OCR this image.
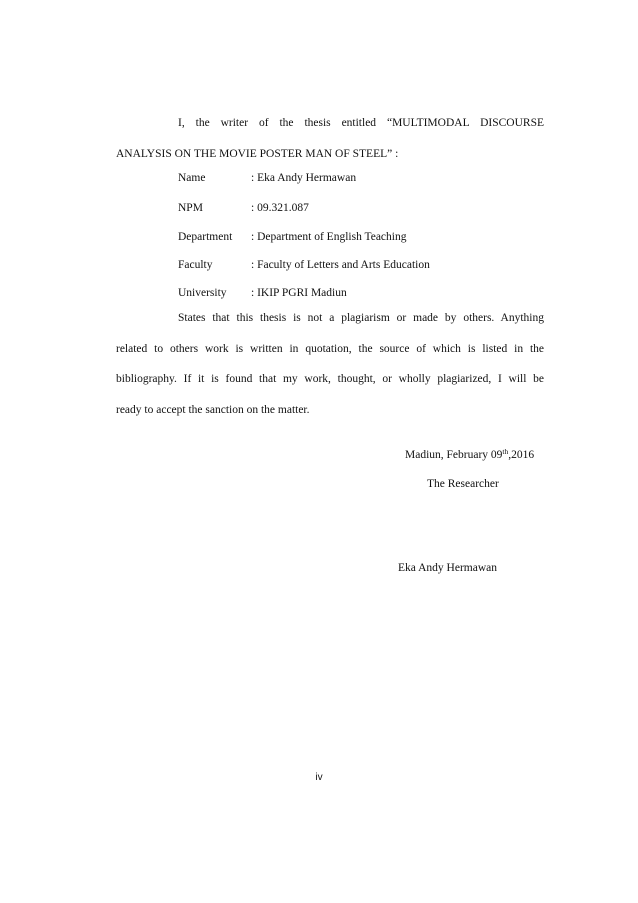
I, the writer of the thesis entitled “MULTIMODAL DISCOURSE
ANALYSIS ON THE MOVIE POSTER MAN OF STEEL” :
Name	: Eka Andy Hermawan
NPM	: 09.321.087
Department : Department of English Teaching
Faculty	: Faculty of Letters and Arts Education
University : IKIP PGRI Madiun
States that this thesis is not a plagiarism or made by others. Anything
related to others work is written in quotation, the source of which is listed in the
bibliography. If it is found that my work, thought, or wholly plagiarized, I will be
ready to accept the sanction on the matter.
Madiun, February 09th,2016
The Researcher
Eka Andy Hermawan
iv
